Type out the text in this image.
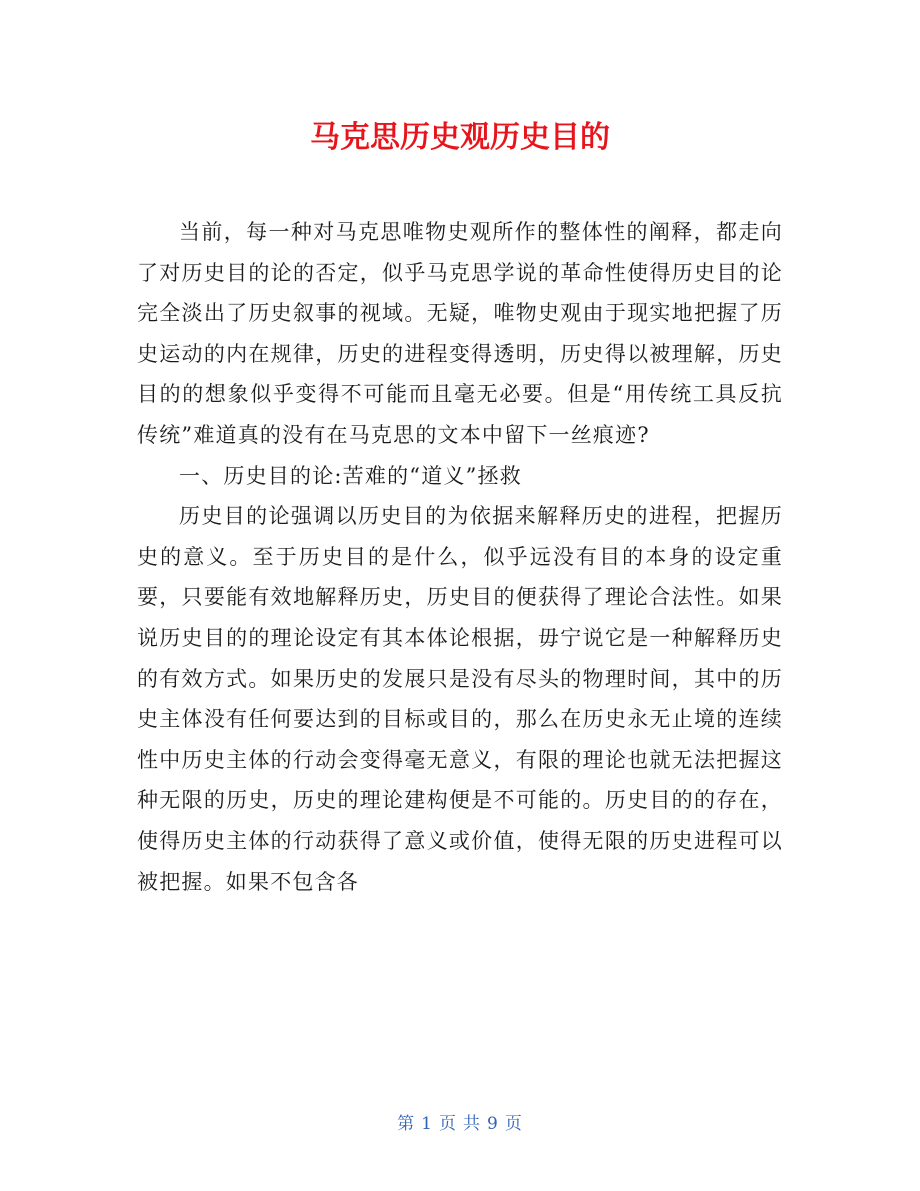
马克思历史观历史目的

当前，每一种对马克思唯物史观所作的整体性的阐释，都走向了对历史目的论的否定，似乎马克思学说的革命性使得历史目的论完全淡出了历史叙事的视域。无疑，唯物史观由于现实地把握了历史运动的内在规律，历史的进程变得透明，历史得以被理解，历史目的的想象似乎变得不可能而且毫无必要。但是“用传统工具反抗传统”难道真的没有在马克思的文本中留下一丝痕迹?

一、历史目的论:苦难的“道义”拯救

历史目的论强调以历史目的为依据来解释历史的进程，把握历史的意义。至于历史目的是什么，似乎远没有目的本身的设定重要，只要能有效地解释历史，历史目的便获得了理论合法性。如果说历史目的的理论设定有其本体论根据，毋宁说它是一种解释历史的有效方式。如果历史的发展只是没有尽头的物理时间，其中的历史主体没有任何要达到的目标或目的，那么在历史永无止境的连续性中历史主体的行动会变得毫无意义，有限的理论也就无法把握这种无限的历史，历史的理论建构便是不可能的。历史目的的存在，使得历史主体的行动获得了意义或价值，使得无限的历史进程可以被把握。如果不包含各

第 1 页 共 9 页
